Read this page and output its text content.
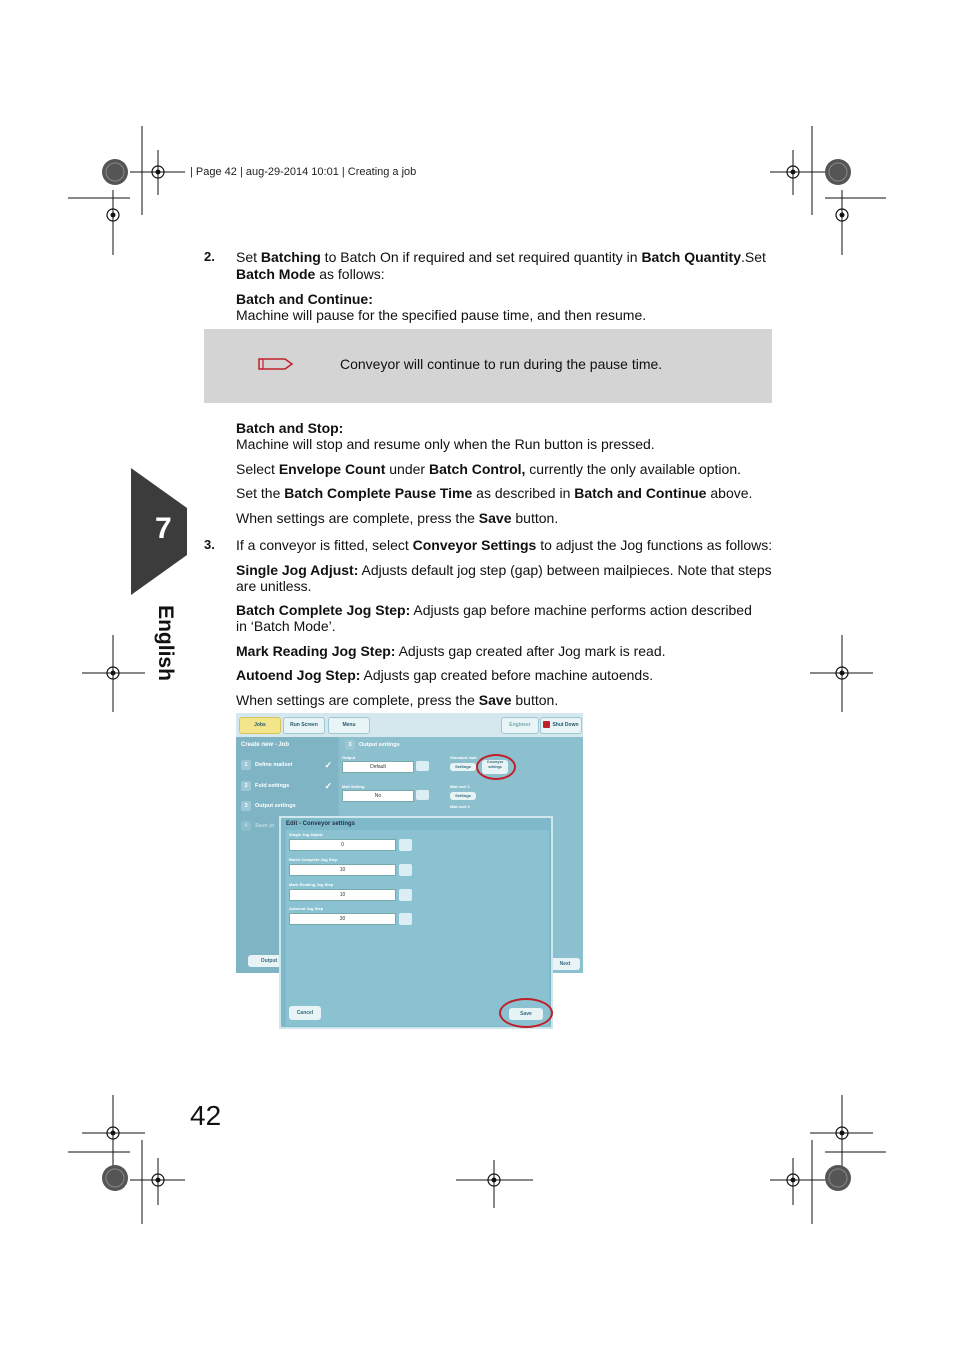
| Page 42 | aug-29-2014 10:01 | Creating a job
7
English
2. Set Batching to Batch On if required and set required quantity in Batch Quantity.Set
Batch Mode as follows:
Batch and Continue:
Machine will pause for the specified pause time, and then resume.
Conveyor will continue to run during the pause time.
Batch and Stop:
Machine will stop and resume only when the Run button is pressed.
Select Envelope Count under Batch Control, currently the only available option.
Set the Batch Complete Pause Time as described in Batch and Continue above.
When settings are complete, press the Save button.
3. If a conveyor is fitted, select Conveyor Settings to adjust the Jog functions as follows:
Single Jog Adjust: Adjusts default jog step (gap) between mailpieces. Note that steps
are unitless.
Batch Complete Jog Step: Adjusts gap before machine performs action described
in ‘Batch Mode’.
Mark Reading Jog Step: Adjusts gap created after Jog mark is read.
Autoend Jog Step: Adjusts gap created before machine autoends.
When settings are complete, press the Save button.
Jobs	Run Screen	Menu	Engineer	Shut Down
Create new - Job
1 Define mailset	✓
2 Fold settings	✓
3 Output settings
4 Save jo
Output
3 Output settings
Output
Default
Standard mail
Settings
Conveyor settings
Mail Setting
No
Mail sort 1
Settings
Mail sort 2
Next
Edit - Conveyor settings
Single Jog Adjust
0
Batch Complete Jog Step
10
Mark Reading Jog Step
10
Autoend Jog Step
30
Cancel	Save
42
